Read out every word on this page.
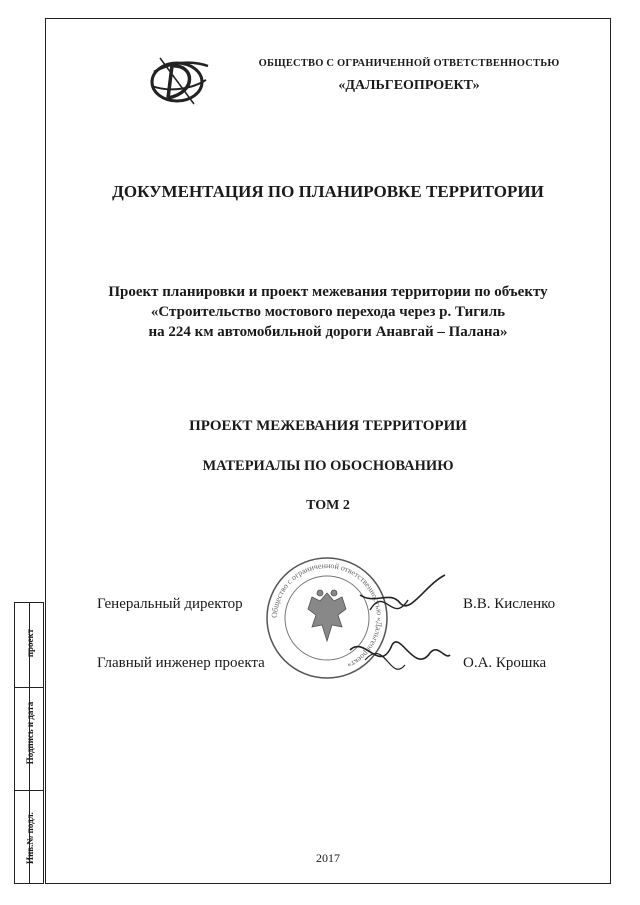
ОБЩЕСТВО С ОГРАНИЧЕННОЙ ОТВЕТСТВЕННОСТЬЮ
«ДАЛЬГЕОПРОЕКТ»
ДОКУМЕНТАЦИЯ ПО ПЛАНИРОВКЕ ТЕРРИТОРИИ
Проект планировки и проект межевания территории по объекту
«Строительство мостового перехода через р. Тигиль
на 224 км автомобильной дороги Анавгай – Палана»
ПРОЕКТ МЕЖЕВАНИЯ ТЕРРИТОРИИ
МАТЕРИАЛЫ ПО ОБОСНОВАНИЮ
ТОМ 2
Общество с ограниченной ответственностью «Дальгеопроект»
Генеральный директор	В.В. Кисленко
Главный инженер проекта	О.А. Крошка
2017
Инв.№ подл.
Подпись и дата
проект
